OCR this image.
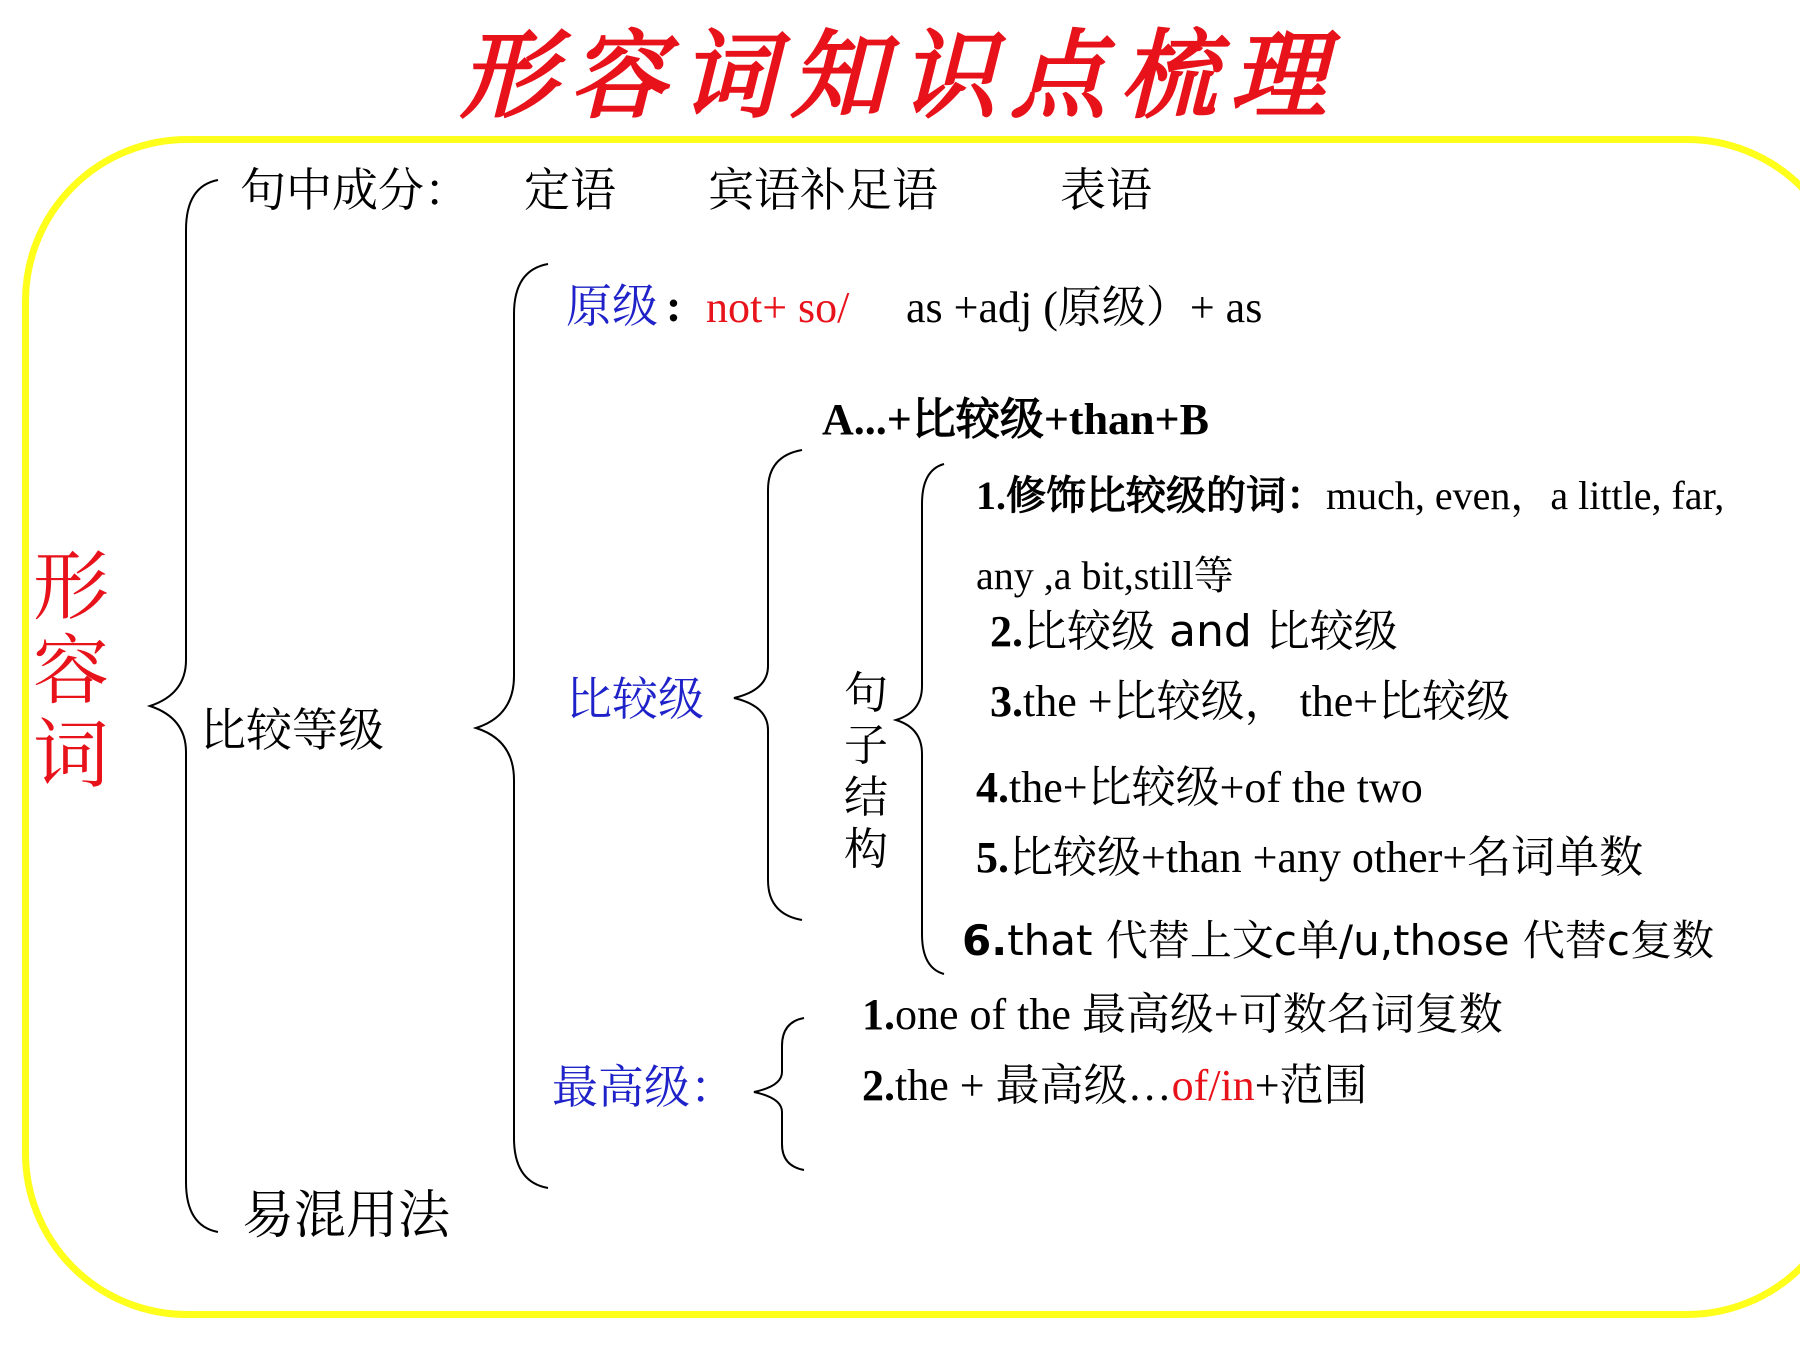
形容词知识点梳理
形容词
句中成分： 定语 宾语补足语	表语
比较等级
原级 : not+ so/ as +adj (原级）+ as
比较级
A...+比较级+than+B
句子结构
1.修饰比较级的词：much, even，a little, far,
any ,a bit,still等
2.比较级 and 比较级
3.the +比较级， the+比较级
4.the+比较级+of the two
5.比较级+than +any other+名词单数
6.that 代替上文c单/u,those 代替c复数
最高级：
1.one of the 最高级+可数名词复数
2.the + 最高级…of/in+范围
易混用法
